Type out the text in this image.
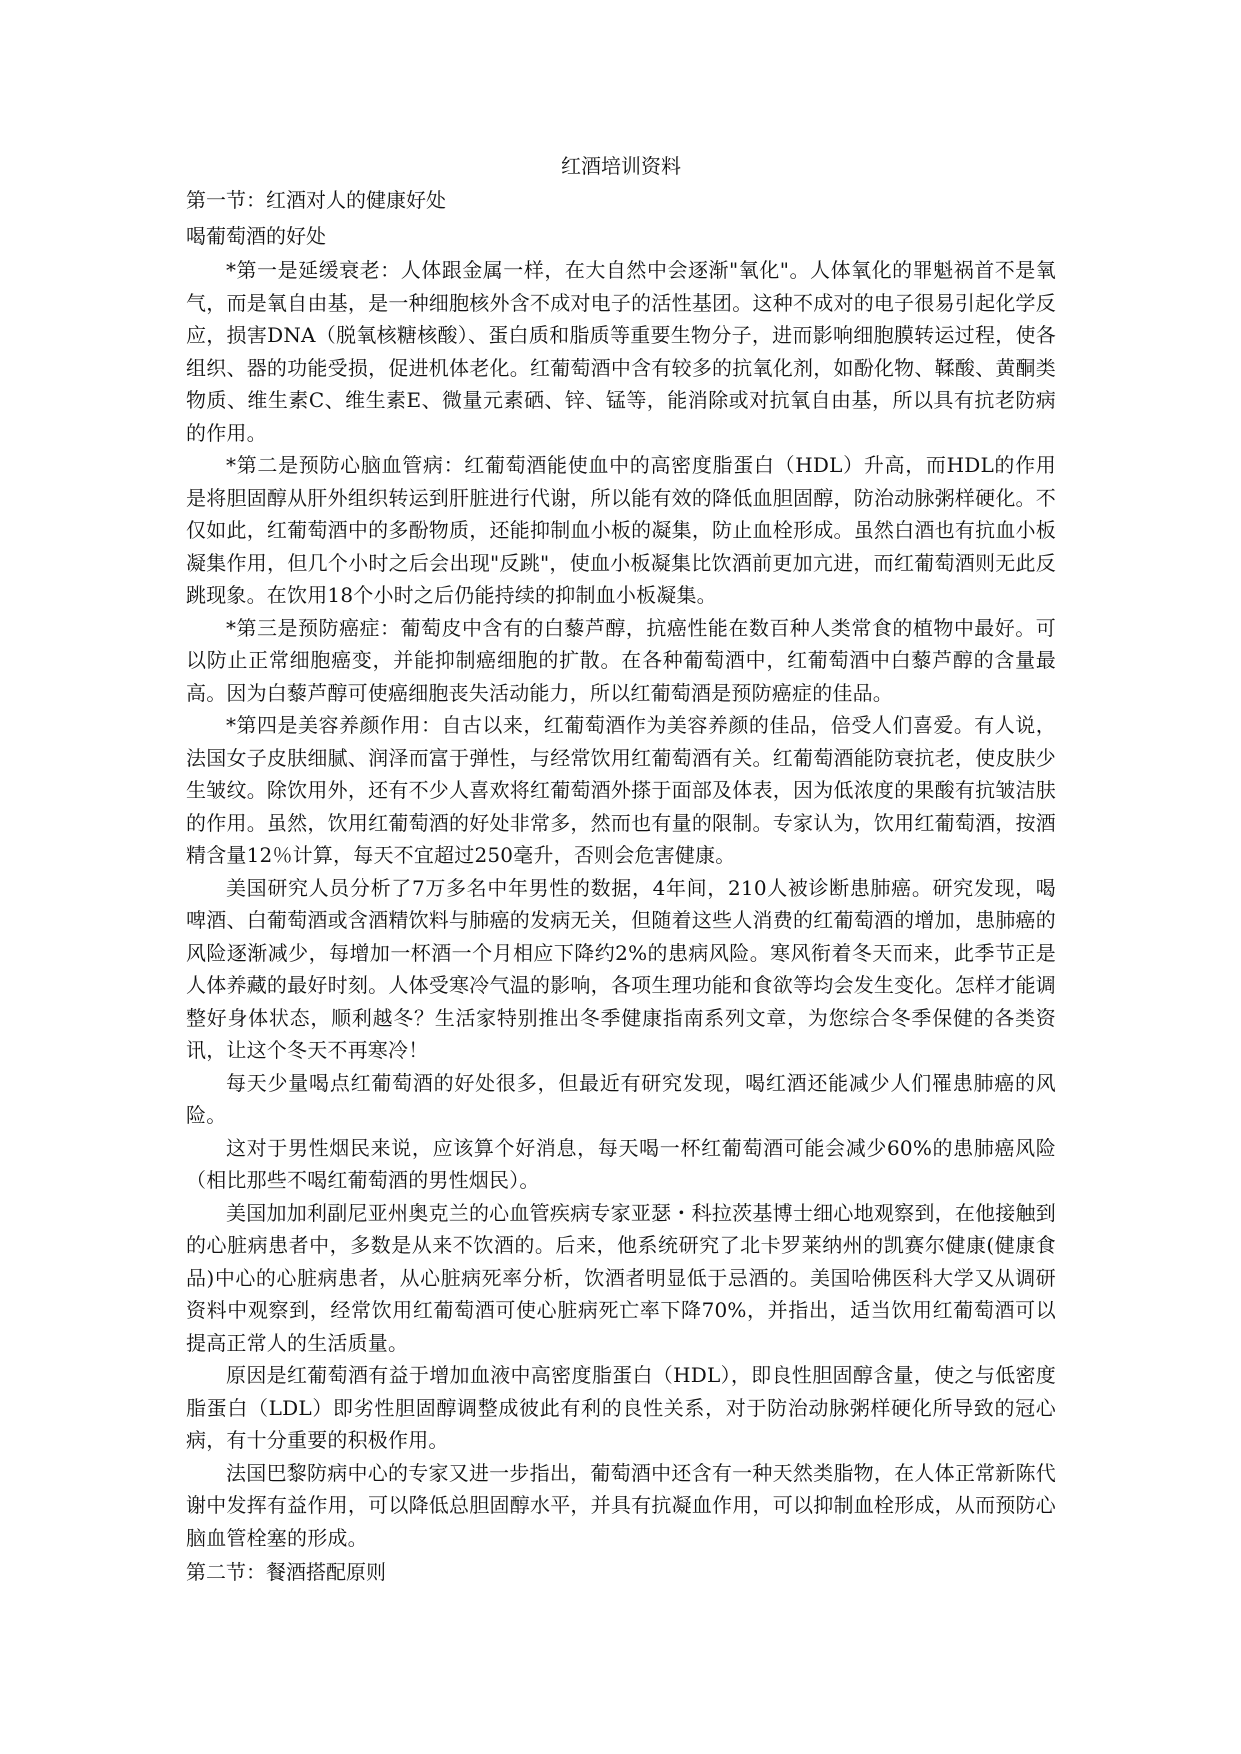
红酒培训资料
第一节：红酒对人的健康好处
喝葡萄酒的好处

*第一是延缓衰老：人体跟金属一样，在大自然中会逐渐"氧化"。人体氧化的罪魁祸首不是氧气，而是氧自由基，是一种细胞核外含不成对电子的活性基团。这种不成对的电子很易引起化学反应，损害DNA（脱氧核糖核酸）、蛋白质和脂质等重要生物分子，进而影响细胞膜转运过程，使各组织、器的功能受损，促进机体老化。红葡萄酒中含有较多的抗氧化剂，如酚化物、鞣酸、黄酮类物质、维生素C、维生素E、微量元素硒、锌、锰等，能消除或对抗氧自由基，所以具有抗老防病的作用。

*第二是预防心脑血管病：红葡萄酒能使血中的高密度脂蛋白（HDL）升高，而HDL的作用是将胆固醇从肝外组织转运到肝脏进行代谢，所以能有效的降低血胆固醇，防治动脉粥样硬化。不仅如此，红葡萄酒中的多酚物质，还能抑制血小板的凝集，防止血栓形成。虽然白酒也有抗血小板凝集作用，但几个小时之后会出现"反跳"，使血小板凝集比饮酒前更加亢进，而红葡萄酒则无此反跳现象。在饮用18个小时之后仍能持续的抑制血小板凝集。

*第三是预防癌症：葡萄皮中含有的白藜芦醇，抗癌性能在数百种人类常食的植物中最好。可以防止正常细胞癌变，并能抑制癌细胞的扩散。在各种葡萄酒中，红葡萄酒中白藜芦醇的含量最高。因为白藜芦醇可使癌细胞丧失活动能力，所以红葡萄酒是预防癌症的佳品。

*第四是美容养颜作用：自古以来，红葡萄酒作为美容养颜的佳品，倍受人们喜爱。有人说，法国女子皮肤细腻、润泽而富于弹性，与经常饮用红葡萄酒有关。红葡萄酒能防衰抗老，使皮肤少生皱纹。除饮用外，还有不少人喜欢将红葡萄酒外搽于面部及体表，因为低浓度的果酸有抗皱洁肤的作用。虽然，饮用红葡萄酒的好处非常多，然而也有量的限制。专家认为，饮用红葡萄酒，按酒精含量12％计算，每天不宜超过250毫升，否则会危害健康。

美国研究人员分析了7万多名中年男性的数据，4年间，210人被诊断患肺癌。研究发现，喝啤酒、白葡萄酒或含酒精饮料与肺癌的发病无关，但随着这些人消费的红葡萄酒的增加，患肺癌的风险逐渐减少，每增加一杯酒一个月相应下降约2%的患病风险。寒风衔着冬天而来，此季节正是人体养藏的最好时刻。人体受寒冷气温的影响，各项生理功能和食欲等均会发生变化。怎样才能调整好身体状态，顺利越冬？生活家特别推出冬季健康指南系列文章，为您综合冬季保健的各类资讯，让这个冬天不再寒冷！

每天少量喝点红葡萄酒的好处很多，但最近有研究发现，喝红酒还能减少人们罹患肺癌的风险。

这对于男性烟民来说，应该算个好消息，每天喝一杯红葡萄酒可能会减少60%的患肺癌风险（相比那些不喝红葡萄酒的男性烟民）。

美国加加利副尼亚州奥克兰的心血管疾病专家亚瑟・科拉茨基博士细心地观察到，在他接触到的心脏病患者中，多数是从来不饮酒的。后来，他系统研究了北卡罗莱纳州的凯赛尔健康(健康食品)中心的心脏病患者，从心脏病死率分析，饮酒者明显低于忌酒的。美国哈佛医科大学又从调研资料中观察到，经常饮用红葡萄酒可使心脏病死亡率下降70%，并指出，适当饮用红葡萄酒可以提高正常人的生活质量。

原因是红葡萄酒有益于增加血液中高密度脂蛋白（HDL），即良性胆固醇含量，使之与低密度脂蛋白（LDL）即劣性胆固醇调整成彼此有利的良性关系，对于防治动脉粥样硬化所导致的冠心病，有十分重要的积极作用。

法国巴黎防病中心的专家又进一步指出，葡萄酒中还含有一种天然类脂物，在人体正常新陈代谢中发挥有益作用，可以降低总胆固醇水平，并具有抗凝血作用，可以抑制血栓形成，从而预防心脑血管栓塞的形成。

第二节：餐酒搭配原则
